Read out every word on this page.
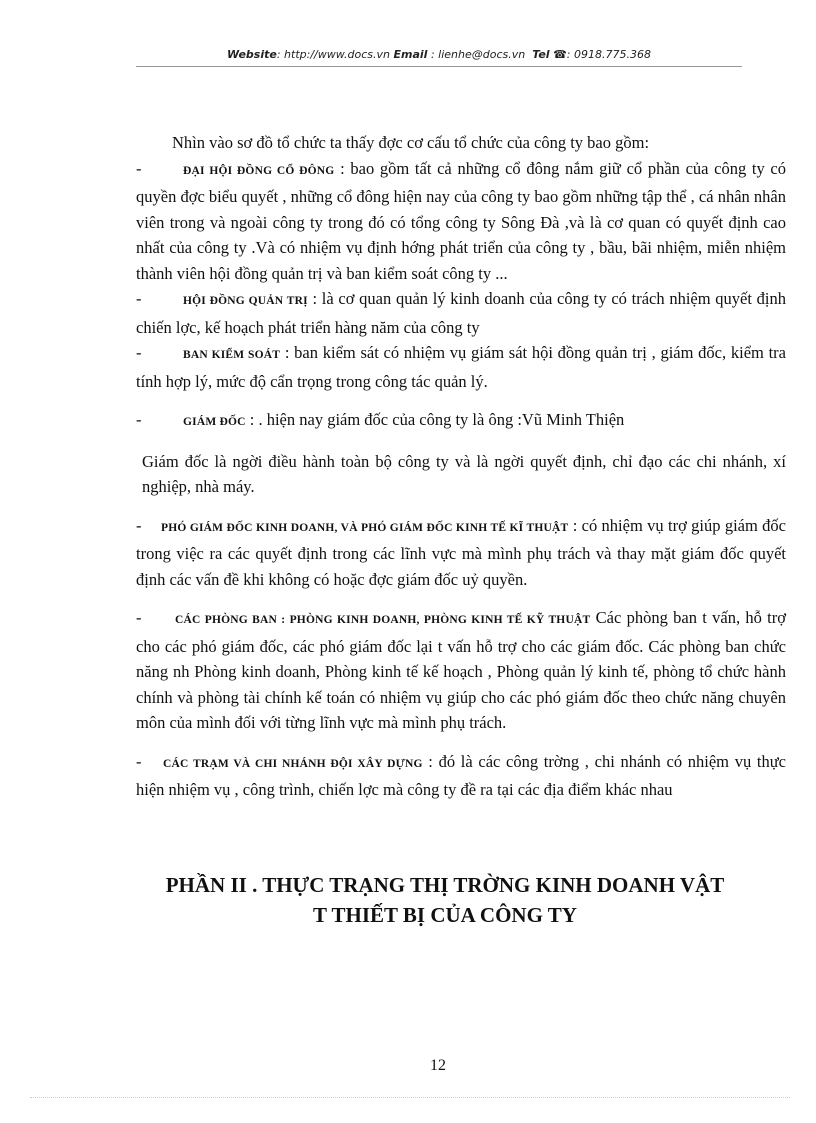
Website: http://www.docs.vn Email : lienhe@docs.vn Tel ☎: 0918.775.368

Nhìn vào sơ đồ tổ chức ta thấy đợc cơ cấu tổ chức của công ty bao gồm:

-	ĐẠI HỘI ĐỒNG CỔ ĐÔNG : bao gồm tất cả những cổ đông nắm giữ cổ phần của công ty có quyền đợc biểu quyết , những cổ đông hiện nay của công ty bao gồm những tập thể , cá nhân nhân viên trong và ngoài công ty trong đó có tổng công ty Sông Đà ,và là cơ quan có quyết định cao nhất của công ty .Và có nhiệm vụ định hớng phát triển của công ty , bầu, bãi nhiệm, miễn nhiệm thành viên hội đồng quản trị và ban kiểm soát công ty ...

-	HỘI ĐỒNG QUẢN TRỊ : là cơ quan quản lý kinh doanh của công ty có trách nhiệm quyết định chiến lợc, kế hoạch phát triển hàng năm của công ty

-	BAN KIỂM SOÁT : ban kiểm sát có nhiệm vụ giám sát hội đồng quản trị , giám đốc, kiểm tra tính hợp lý, mức độ cẩn trọng trong công tác quản lý.

-	GIÁM ĐỐC : . hiện nay giám đốc của công ty là ông :Vũ Minh Thiện

Giám đốc là ngời điều hành toàn bộ công ty và là ngời quyết định, chỉ đạo các chi nhánh, xí nghiệp, nhà máy.

- PHÓ GIÁM ĐỐC KINH DOANH, VÀ PHÓ GIÁM ĐỐC KINH TẾ KĨ THUẬT : có nhiệm vụ trợ giúp giám đốc trong việc ra các quyết định trong các lĩnh vực mà mình phụ trách và thay mặt giám đốc quyết định các vấn đề khi không có hoặc đợc giám đốc uỷ quyền.

-	CÁC PHÒNG BAN : PHÒNG KINH DOANH, PHÒNG KINH TẾ KỸ THUẬT Các phòng ban t vấn, hỗ trợ cho các phó giám đốc, các phó giám đốc lại t vấn hỗ trợ cho các giám đốc. Các phòng ban chức năng nh Phòng kinh doanh, Phòng kinh tế kế hoạch , Phòng quản lý kinh tế, phòng tổ chức hành chính và phòng tài chính kế toán có nhiệm vụ giúp cho các phó giám đốc theo chức năng chuyên môn của mình đối với từng lĩnh vực mà mình phụ trách.

- CÁC TRẠM VÀ CHI NHÁNH ĐỘI XÂY DỰNG : đó là các công trờng , chi nhánh có nhiệm vụ thực hiện nhiệm vụ , công trình, chiến lợc mà công ty đề ra tại các địa điểm khác nhau

PHẦN II . THỰC TRẠNG THỊ TRỜNG KINH DOANH VẬT
T THIẾT BỊ CỦA CÔNG TY
12
